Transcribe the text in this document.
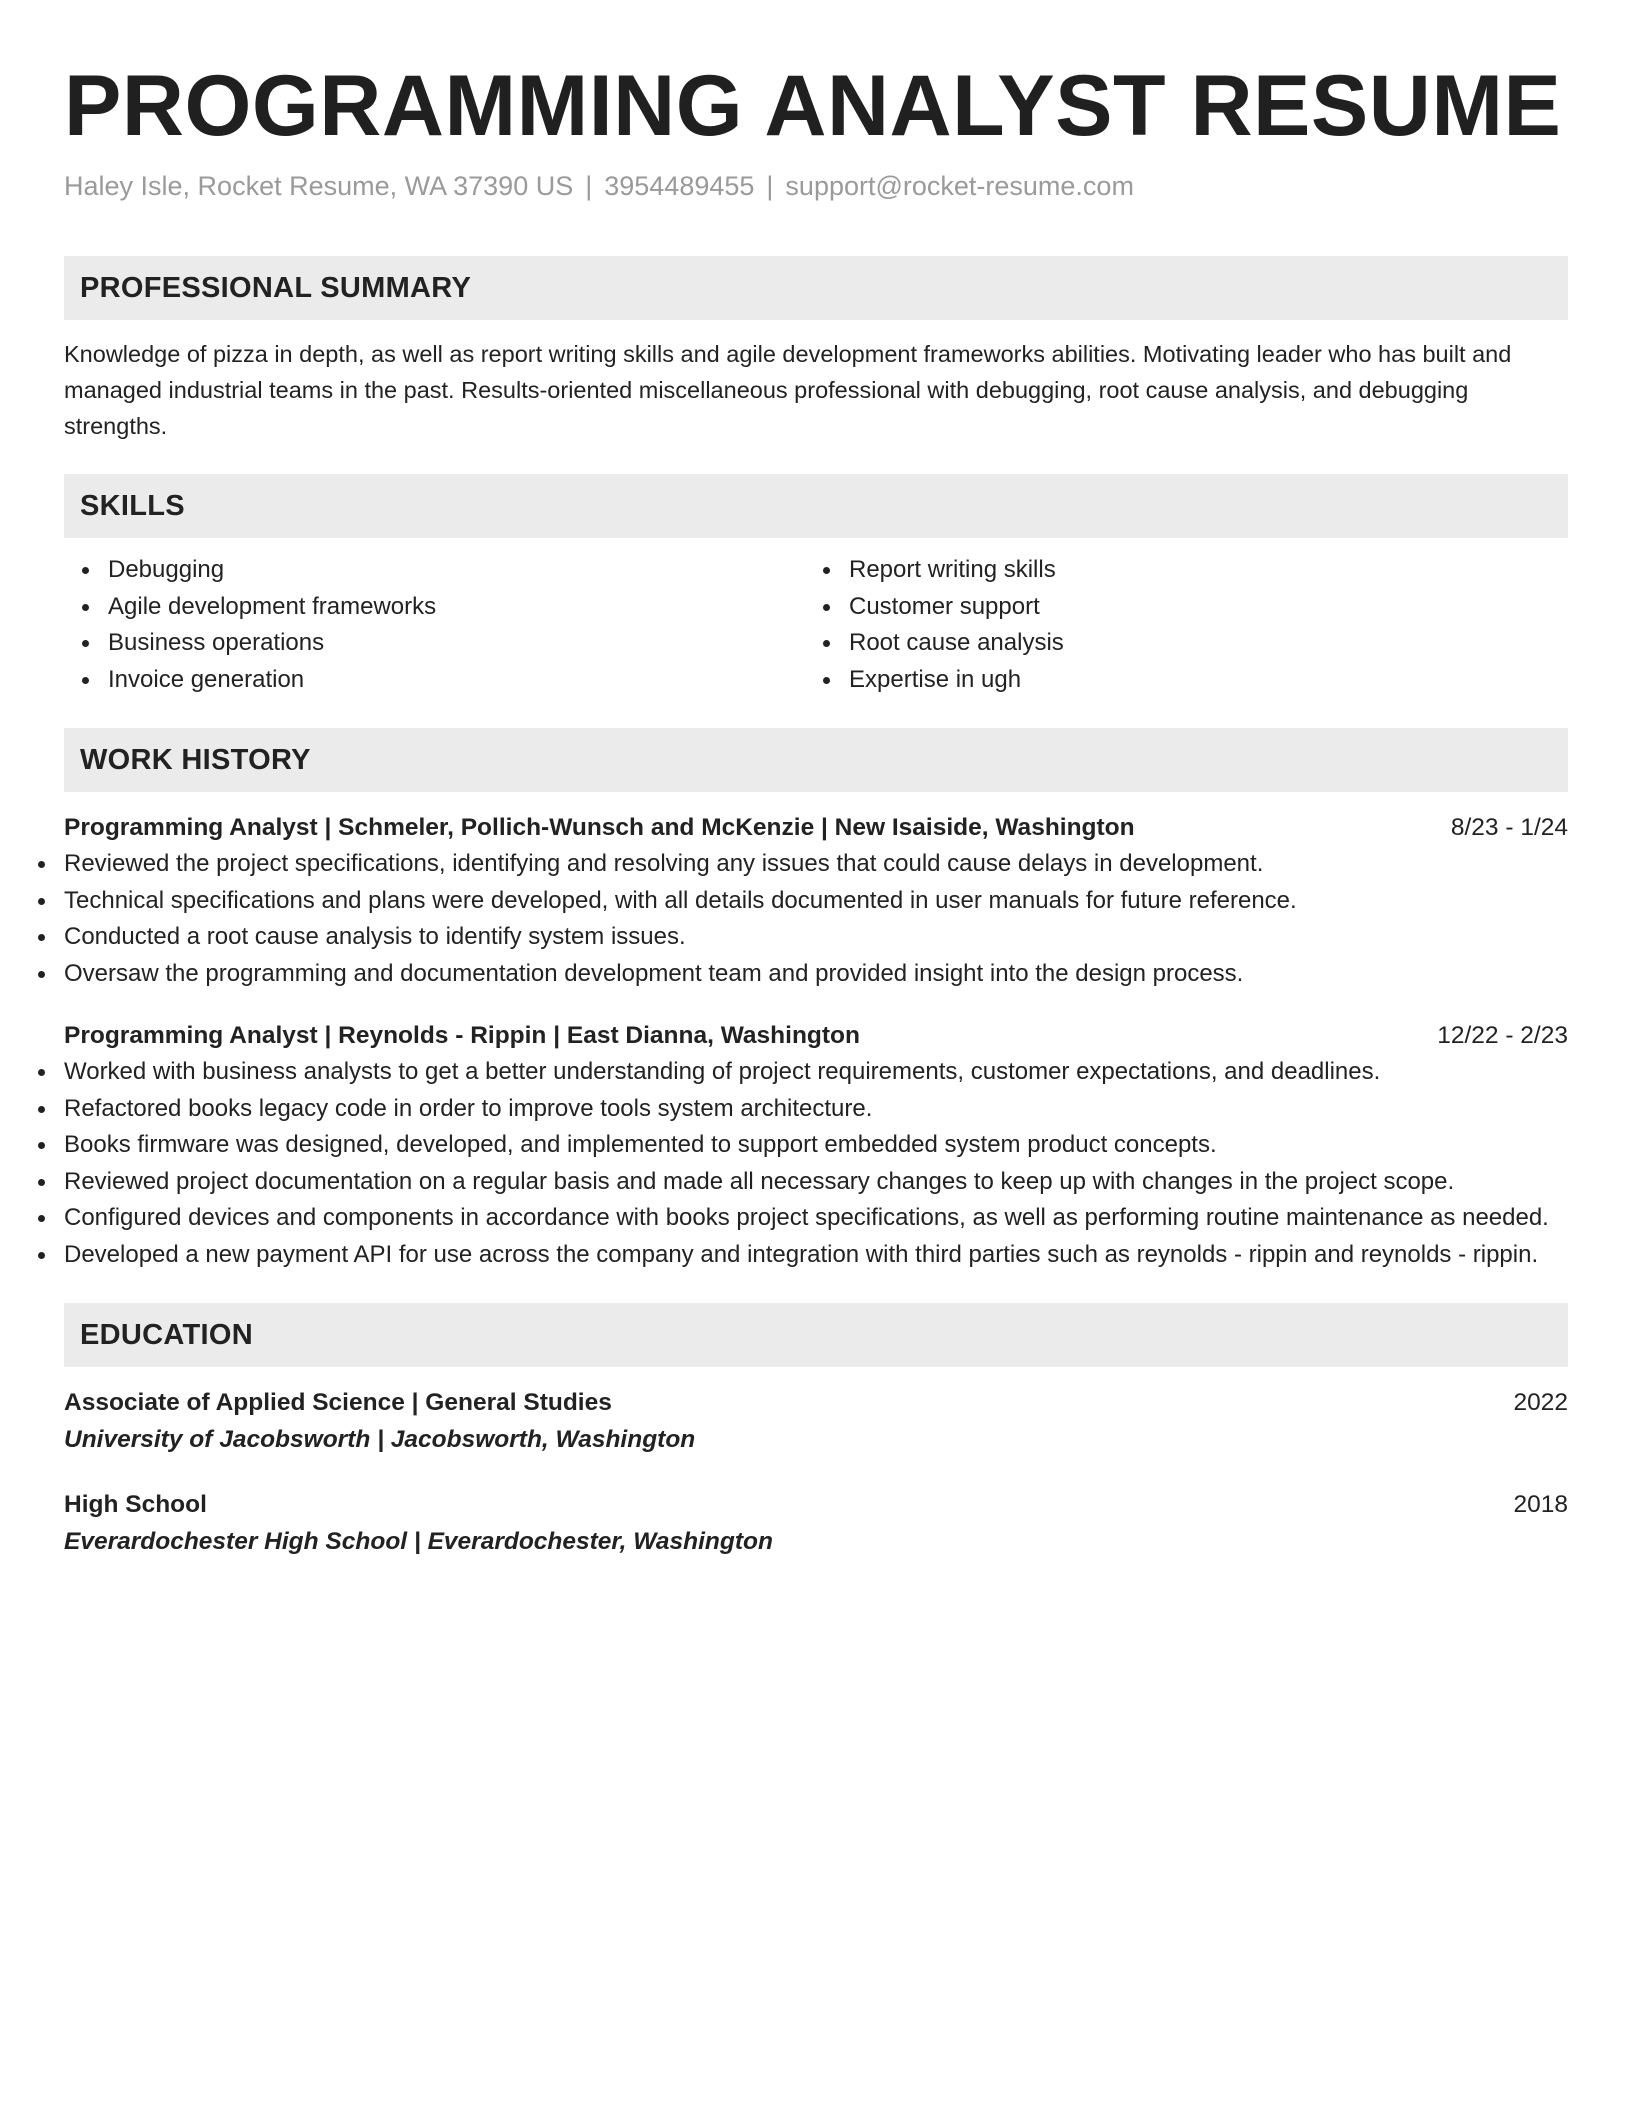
PROGRAMMING ANALYST RESUME
Haley Isle, Rocket Resume, WA 37390 US | 3954489455 | support@rocket-resume.com
PROFESSIONAL SUMMARY
Knowledge of pizza in depth, as well as report writing skills and agile development frameworks abilities. Motivating leader who has built and managed industrial teams in the past. Results-oriented miscellaneous professional with debugging, root cause analysis, and debugging strengths.
SKILLS
Debugging
Agile development frameworks
Business operations
Invoice generation
Report writing skills
Customer support
Root cause analysis
Expertise in ugh
WORK HISTORY
Programming Analyst | Schmeler, Pollich-Wunsch and McKenzie | New Isaiside, Washington	8/23 - 1/24
Reviewed the project specifications, identifying and resolving any issues that could cause delays in development.
Technical specifications and plans were developed, with all details documented in user manuals for future reference.
Conducted a root cause analysis to identify system issues.
Oversaw the programming and documentation development team and provided insight into the design process.
Programming Analyst | Reynolds - Rippin | East Dianna, Washington	12/22 - 2/23
Worked with business analysts to get a better understanding of project requirements, customer expectations, and deadlines.
Refactored books legacy code in order to improve tools system architecture.
Books firmware was designed, developed, and implemented to support embedded system product concepts.
Reviewed project documentation on a regular basis and made all necessary changes to keep up with changes in the project scope.
Configured devices and components in accordance with books project specifications, as well as performing routine maintenance as needed.
Developed a new payment API for use across the company and integration with third parties such as reynolds - rippin and reynolds - rippin.
EDUCATION
Associate of Applied Science | General Studies	2022
University of Jacobsworth | Jacobsworth, Washington
High School	2018
Everardochester High School | Everardochester, Washington
